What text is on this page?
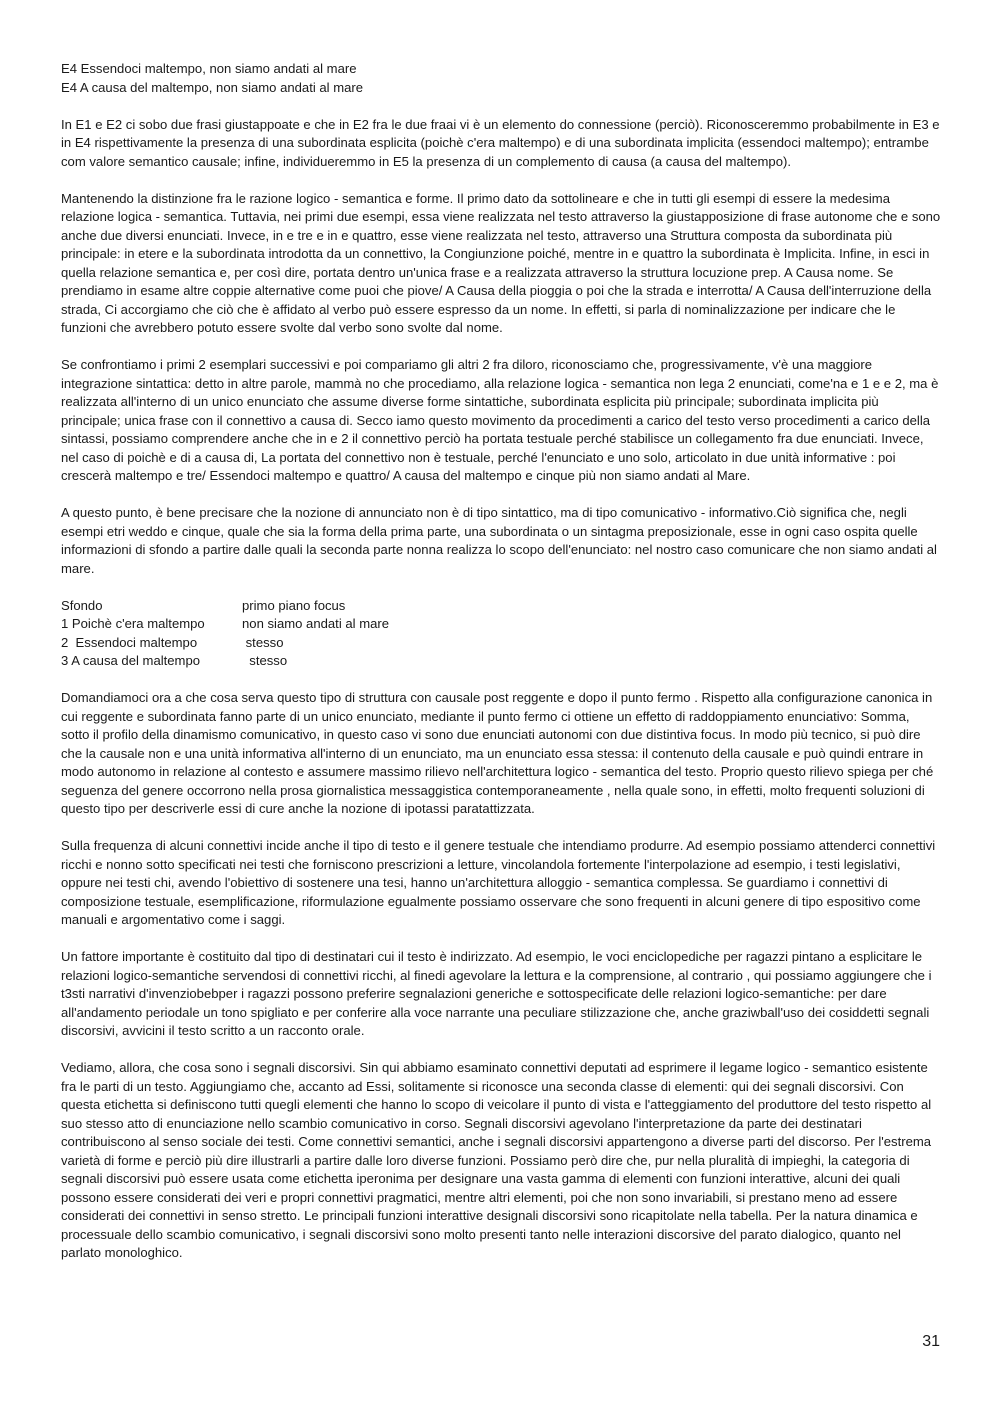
E4 Essendoci maltempo, non siamo andati al mare
E4 A causa del maltempo, non siamo andati al mare

In E1 e E2 ci sobo due frasi giustappoate e che in E2 fra le due fraai vi è un elemento do connessione (perciò). Riconosceremmo probabilmente in E3 e in E4 rispettivamente la presenza di una subordinata esplicita (poichè c'era maltempo) e di una subordinata implicita (essendoci maltempo); entrambe com valore semantico causale; infine, individueremmo in E5 la presenza di un complemento di causa (a causa del maltempo).

Mantenendo la distinzione fra le razione logico - semantica e forme. Il primo dato da sottolineare e che in tutti gli esempi di essere la medesima relazione logica - semantica. Tuttavia, nei primi due esempi, essa viene realizzata nel testo attraverso la giustapposizione di frase autonome che e sono anche due diversi enunciati. Invece, in e tre e in e quattro, esse viene realizzata nel testo, attraverso una Struttura composta da subordinata più principale: in etere e la subordinata introdotta da un connettivo, la Congiunzione poiché, mentre in e quattro la subordinata è Implicita. Infine, in esci in quella relazione semantica e, per così dire, portata dentro un'unica frase e a realizzata attraverso la struttura locuzione prep. A Causa nome. Se prendiamo in esame altre coppie alternative come puoi che piove/ A Causa della pioggia o poi che la strada e interrotta/ A Causa dell'interruzione della strada, Ci accorgiamo che ciò che è affidato al verbo può essere espresso da un nome. In effetti, si parla di nominalizzazione per indicare che le funzioni che avrebbero potuto essere svolte dal verbo sono svolte dal nome.

Se confrontiamo i primi 2 esemplari successivi e poi compariamo gli altri 2 fra diloro, riconosciamo che, progressivamente, v'è una maggiore integrazione sintattica: detto in altre parole, mammà no che procediamo, alla relazione logica - semantica non lega 2 enunciati, come'na e 1 e e 2, ma è realizzata all'interno di un unico enunciato che assume diverse forme sintattiche, subordinata esplicita più principale; subordinata implicita più principale; unica frase con il connettivo a causa di. Secco iamo questo movimento da procedimenti a carico del testo verso procedimenti a carico della sintassi, possiamo comprendere anche che in e 2 il connettivo perciò ha portata testuale perché stabilisce un collegamento fra due enunciati. Invece, nel caso di poichè e di a causa di, La portata del connettivo non è testuale, perché l'enunciato e uno solo, articolato in due unità informative : poi crescerà maltempo e tre/ Essendoci maltempo e quattro/ A causa del maltempo e cinque più non siamo andati al Mare.

A questo punto, è bene precisare che la nozione di annunciato non è di tipo sintattico, ma di tipo comunicativo - informativo.Ciò significa che, negli esempi etri weddo e cinque, quale che sia la forma della prima parte, una subordinata o un sintagma preposizionale, esse in ogni caso ospita quelle informazioni di sfondo a partire dalle quali la seconda parte nonna realizza lo scopo dell'enunciato: nel nostro caso comunicare che non siamo andati al mare.

Sfondo	primo piano focus
1 Poichè c'era maltempo	non siamo andati al mare
2  Essendoci maltempo	stesso
3 A causa del maltempo	stesso

Domandiamoci ora a che cosa serva questo tipo di struttura con causale post reggente e dopo il punto fermo . Rispetto alla configurazione canonica in cui reggente e subordinata fanno parte di un unico enunciato, mediante il punto fermo ci ottiene un effetto di raddoppiamento enunciativo: Somma, sotto il profilo della dinamismo comunicativo, in questo caso vi sono due enunciati autonomi con due distintiva focus. In modo più tecnico, si può dire che la causale non e una unità informativa all'interno di un enunciato, ma un enunciato essa stessa: il contenuto della causale e può quindi entrare in modo autonomo in relazione al contesto e assumere massimo rilievo nell'architettura logico - semantica del testo. Proprio questo rilievo spiega per ché seguenza del genere occorrono nella prosa giornalistica messaggistica contemporaneamente , nella quale sono, in effetti, molto frequenti soluzioni di questo tipo per descriverle essi di cure anche la nozione di ipotassi paratattizzata.

Sulla frequenza di alcuni connettivi incide anche il tipo di testo e il genere testuale che intendiamo produrre. Ad esempio possiamo attenderci connettivi ricchi e nonno sotto specificati nei testi che forniscono prescrizioni a letture, vincolandola fortemente l'interpolazione ad esempio, i testi legislativi, oppure nei testi chi, avendo l'obiettivo di sostenere una tesi, hanno un'architettura alloggio - semantica complessa. Se guardiamo i connettivi di composizione testuale, esemplificazione, riformulazione egualmente possiamo osservare che sono frequenti in alcuni genere di tipo espositivo come manuali e argomentativo come i saggi.

Un fattore importante è costituito dal tipo di destinatari cui il testo è indirizzato. Ad esempio, le voci enciclopediche per ragazzi pintano a esplicitare le relazioni logico-semantiche servendosi di connettivi ricchi, al finedi agevolare la lettura e la comprensione, al contrario , qui possiamo aggiungere che i t3sti narrativi d'invenziobebper i ragazzi possono preferire segnalazioni generiche e sottospecificate delle relazioni logico-semantiche: per dare all'andamento periodale un tono spigliato e per conferire alla voce narrante una peculiare stilizzazione che, anche graziwball'uso dei cosiddetti segnali discorsivi, avvicini il testo scritto a un racconto orale.

Vediamo, allora, che cosa sono i segnali discorsivi. Sin qui abbiamo esaminato connettivi deputati ad esprimere il legame logico - semantico esistente fra le parti di un testo. Aggiungiamo che, accanto ad Essi, solitamente si riconosce una seconda classe di elementi: qui dei segnali discorsivi. Con questa etichetta si definiscono tutti quegli elementi che hanno lo scopo di veicolare il punto di vista e l'atteggiamento del produttore del testo rispetto al suo stesso atto di enunciazione nello scambio comunicativo in corso. Segnali discorsivi agevolano l'interpretazione da parte dei destinatari contribuiscono al senso sociale dei testi. Come connettivi semantici, anche i segnali discorsivi appartengono a diverse parti del discorso. Per l'estrema varietà di forme e perciò più dire illustrarli a partire dalle loro diverse funzioni. Possiamo però dire che, pur nella pluralità di impieghi, la categoria di segnali discorsivi può essere usata come etichetta iperonima per designare una vasta gamma di elementi con funzioni interattive, alcuni dei quali possono essere considerati dei veri e propri connettivi pragmatici, mentre altri elementi, poi che non sono invariabili, si prestano meno ad essere considerati dei connettivi in senso stretto. Le principali funzioni interattive designali discorsivi sono ricapitolate nella tabella. Per la natura dinamica e processuale dello scambio comunicativo, i segnali discorsivi sono molto presenti tanto nelle interazioni discorsive del parato dialogico, quanto nel parlato monologhico.

31
